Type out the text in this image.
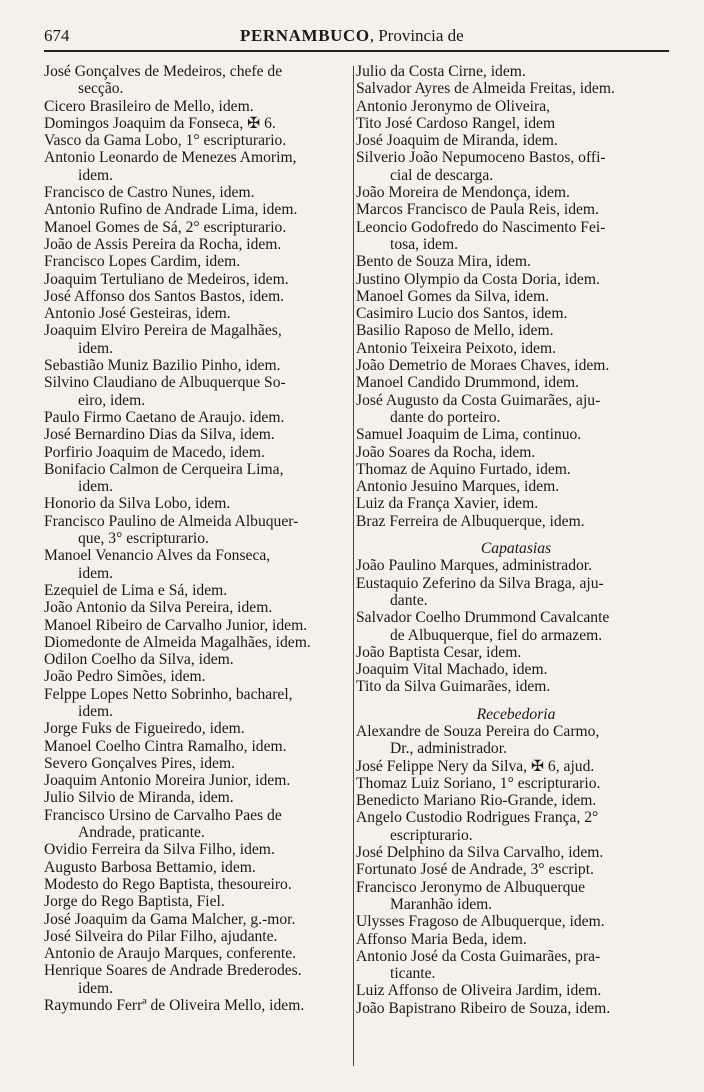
674	PERNAMBUCO, Provincia de
José Gonçalves de Medeiros, chefe de
secção.
Cicero Brasileiro de Mello, idem.
Domingos Joaquim da Fonseca, ✠ 6.
Vasco da Gama Lobo, 1° escripturario.
Antonio Leonardo de Menezes Amorim,
idem.
Francisco de Castro Nunes, idem.
Antonio Rufino de Andrade Lima, idem.
Manoel Gomes de Sá, 2° escripturario.
João de Assis Pereira da Rocha, idem.
Francisco Lopes Cardim, idem.
Joaquim Tertuliano de Medeiros, idem.
José Affonso dos Santos Bastos, idem.
Antonio José Gesteiras, idem.
Joaquim Elviro Pereira de Magalhães,
idem.
Sebastião Muniz Bazilio Pinho, idem.
Silvino Claudiano de Albuquerque So-
eiro, idem.
Paulo Firmo Caetano de Araujo. idem.
José Bernardino Dias da Silva, idem.
Porfirio Joaquim de Macedo, idem.
Bonifacio Calmon de Cerqueira Lima,
idem.
Honorio da Silva Lobo, idem.
Francisco Paulino de Almeida Albuquer-
que, 3° escripturario.
Manoel Venancio Alves da Fonseca,
idem.
Ezequiel de Lima e Sá, idem.
João Antonio da Silva Pereira, idem.
Manoel Ribeiro de Carvalho Junior, idem.
Diomedonte de Almeida Magalhães, idem.
Odilon Coelho da Silva, idem.
João Pedro Simões, idem.
Felppe Lopes Netto Sobrinho, bacharel,
idem.
Jorge Fuks de Figueiredo, idem.
Manoel Coelho Cintra Ramalho, idem.
Severo Gonçalves Pires, idem.
Joaquim Antonio Moreira Junior, idem.
Julio Silvio de Miranda, idem.
Francisco Ursino de Carvalho Paes de
Andrade, praticante.
Ovidio Ferreira da Silva Filho, idem.
Augusto Barbosa Bettamio, idem.
Modesto do Rego Baptista, thesoureiro.
Jorge do Rego Baptista, Fiel.
José Joaquim da Gama Malcher, g.-mor.
José Silveira do Pilar Filho, ajudante.
Antonio de Araujo Marques, conferente.
Henrique Soares de Andrade Brederodes.
idem.
Raymundo Ferrª de Oliveira Mello, idem.
Julio da Costa Cirne, idem.
Salvador Ayres de Almeida Freitas, idem.
Antonio Jeronymo de Oliveira,
Tito José Cardoso Rangel, idem
José Joaquim de Miranda, idem.
Silverio João Nepumoceno Bastos, offi-
cial de descarga.
João Moreira de Mendonça, idem.
Marcos Francisco de Paula Reis, idem.
Leoncio Godofredo do Nascimento Fei-
tosa, idem.
Bento de Souza Mira, idem.
Justino Olympio da Costa Doria, idem.
Manoel Gomes da Silva, idem.
Casimiro Lucio dos Santos, idem.
Basilio Raposo de Mello, idem.
Antonio Teixeira Peixoto, idem.
João Demetrio de Moraes Chaves, idem.
Manoel Candido Drummond, idem.
José Augusto da Costa Guimarães, aju-
dante do porteiro.
Samuel Joaquim de Lima, continuo.
João Soares da Rocha, idem.
Thomaz de Aquino Furtado, idem.
Antonio Jesuino Marques, idem.
Luiz da França Xavier, idem.
Braz Ferreira de Albuquerque, idem.
Capatasias
João Paulino Marques, administrador.
Eustaquio Zeferino da Silva Braga, aju-
dante.
Salvador Coelho Drummond Cavalcante
de Albuquerque, fiel do armazem.
João Baptista Cesar, idem.
Joaquim Vital Machado, idem.
Tito da Silva Guimarães, idem.
Recebedoria
Alexandre de Souza Pereira do Carmo,
Dr., administrador.
José Felippe Nery da Silva, ✠ 6, ajud.
Thomaz Luiz Soriano, 1° escripturario.
Benedicto Mariano Rio-Grande, idem.
Angelo Custodio Rodrigues França, 2°
escripturario.
José Delphino da Silva Carvalho, idem.
Fortunato José de Andrade, 3° escript.
Francisco Jeronymo de Albuquerque
Maranhão idem.
Ulysses Fragoso de Albuquerque, idem.
Affonso Maria Beda, idem.
Antonio José da Costa Guimarães, pra-
ticante.
Luiz Affonso de Oliveira Jardim, idem.
João Bapistrano Ribeiro de Souza, idem.
